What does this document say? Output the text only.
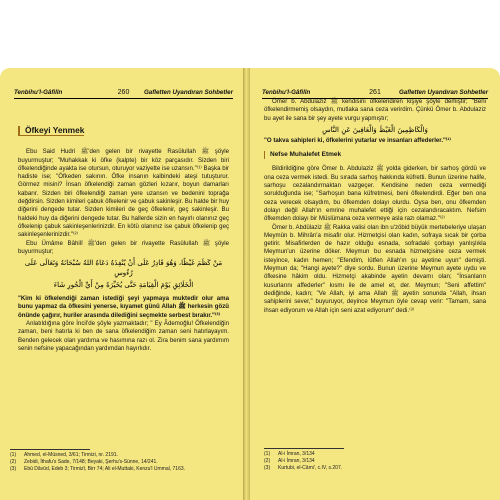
Tenbihu'l-Gâfilîn	260 Gafletten Uyandıran Sohbetler
Öfkeyi Yenmek

Ebu Said Hudri ﷺ'den gelen bir rivayette Rasûlullah ﷺ şöyle buyurmuştur; "Muhakkak ki öfke (kalpte) bir köz parçasıdır. Sizden biri öfkelendiğinde ayakta ise otursun, oturuyor vaziyette ise uzansın."⁽¹⁾ Başka bir hadiste ise; "Öfkeden sakının. Öfke insanın kalbindeki ateşi tutuşturur. Görmez misini? İnsan öfkelendiği zaman gözleri kızarır, boyun damarları kabarır. Sizden biri öfkelendiği zaman yere uzansın ve bedenini toprağa değdirsin. Sizden kimileri çabuk öfkelenir ve çabuk sakinleşir. Bu halde bir huy diğerini dengede tutar. Sizden kimileri de geç öfkelenir, geç sakinleşir. Bu haldeki huy da diğerini dengede tutar. Bu hallerde sizin en hayırlı olanınız geç öfkelenip çabuk sakinleşenlerinizdir. En kötü olanınız ise çabuk öfkelenip geç sakinleşenlerinizdir."⁽²⁾

Ebu Ümâme Bâhilî ﷺ'den gelen bir rivayette Rasûlullah ﷺ şöyle buyurmuştur;

مَنْ كَظَمَ غَيْظًا، وَهُوَ قَادِرٌ عَلَى أَنْ يُنْفِذَهُ دَعَاهُ اللهُ سُبْحَانَهُ وَتَعَالَى عَلَى رُءُوسِ
الْخَلَائِقِ يَوْمَ الْقِيَامَةِ حَتَّى يُخَيِّرَهُ مِنْ أَيِّ الْحُورِ شَاءَ

"Kim ki öfkelendiği zaman istediği şeyi yapmaya muktedir olur ama bunu yapmaz da öfkesini yenerse, kıyamet günü Allah ﷺ herkesin gözü önünde çağırır, huriler arasında dilediğini seçmekte serbest bırakır."⁽³⁾

Anlatıldığına göre İncil'de şöyle yazmaktadır; " Ey Âdemoğlu! Öfkelendiğin zaman, beni hatırla ki ben de sana öfkelendiğim zaman seni hatırlayayım. Benden gelecek olan yardıma ve hasımına razı ol. Zira benim sana yardımım senin nefsine yapacağından yardımdan hayırlıdır.

(1) Ahmed, el-Müsned, 3/61; Tirmizi, nr. 2191.
(2) Zebidi, İthafu's Sade, 7/148; Beyaki, Şerhu's-Sünne, 14/241.
(3) Ebû Dâvûd, Edeb 3; Tirmizî, Birr 74; Ali el-Muttaki, Kenzu'l Ummal, 7163.
Tenbihu'l-Gâfilîn	261	Gafletten Uyandıran Sohbetler

Ömer b. Abdulaziz ﷺ kendisini öfkelendiren kişiye şöyle demiştir; "Beni öfkelendirmemiş olsaydın, mutlaka sana ceza verirdim. Çünkü Ömer b. Abdulaziz bu ayet ile sana bir şey ayete vurgu yapmıştır;

وَالْكَاظِمِينَ الْغَيْظَ وَالْعَافِينَ عَنِ النَّاسِ

"O takva sahipleri ki, öfkelerini yutarlar ve insanları affederler."⁽¹⁾

Nefse Muhalefet Etmek

Bildirildiğine göre Ömer b. Abdulaziz ﷺ yolda giderken, bir sarhoş gördü ve ona ceza vermek istedi. Bu sırada sarhoş hakkında küfretti. Bunun üzerine halife, sarhoşu cezalandırmaktan vazgeçer. Kendisine neden ceza vermediği sorulduğunda ise; "Sarhoşun bana küfretmesi, beni öfkelendirdi. Eğer ben ona ceza verecek olsaydım, bu öfkemden dolayı olurdu. Oysa ben, onu öfkemden dolayı değil Allah'ın emrine muhalefet ettiği için cezalandıracaktım. Nefsim öfkemden dolayı bir Müslümana ceza vermeye asla razı olamaz."⁽²⁾

Ömer b. Abdülaziz ﷺ Rakka valisi olan ibn u'zöbid büyük mertebeleriye ulaşan Meymûn b. Mihrân'a misafir olur. Hizmetçisi olan kadın, sofraya sıcak bir çorba getirir. Misafirlerden de hazır olduğu esnada, sofradaki çorbayı yanlışlıkla Meymun'un üzerine döker. Meymun bu esnada hizmetçisine ceza vermek isteyince, kadın hemen; "Efendim, lütfen Allah'ın şu ayetine uyun" demişti. Meymun da; "Hangi ayete?" diye sordu. Bunun üzerine Meymun ayete uydu ve öfkesine hâkim oldu. Hizmetçi akabinde ayetin devamı olan; "İnsanların kusurlarını affederler" kısmı ile de amel et, der. Meymun; "Seni affettim" dediğinde, kadın; "Ve Allah, iyi ama Allah ﷺ ayetin sonunda "Allah, ihsan sahiplerini sever," buyuruyor, deyince Meymun öyle cevap verir: "Tamam, sana ihsan ediyorum ve Allah için seni azat ediyorum" dedi.⁽³⁾

(1) Al-i İmran, 3/134
(2) Al-i İmran, 3/134
(3) Kurtubi, el-Câmi', c.IV, s.207.
